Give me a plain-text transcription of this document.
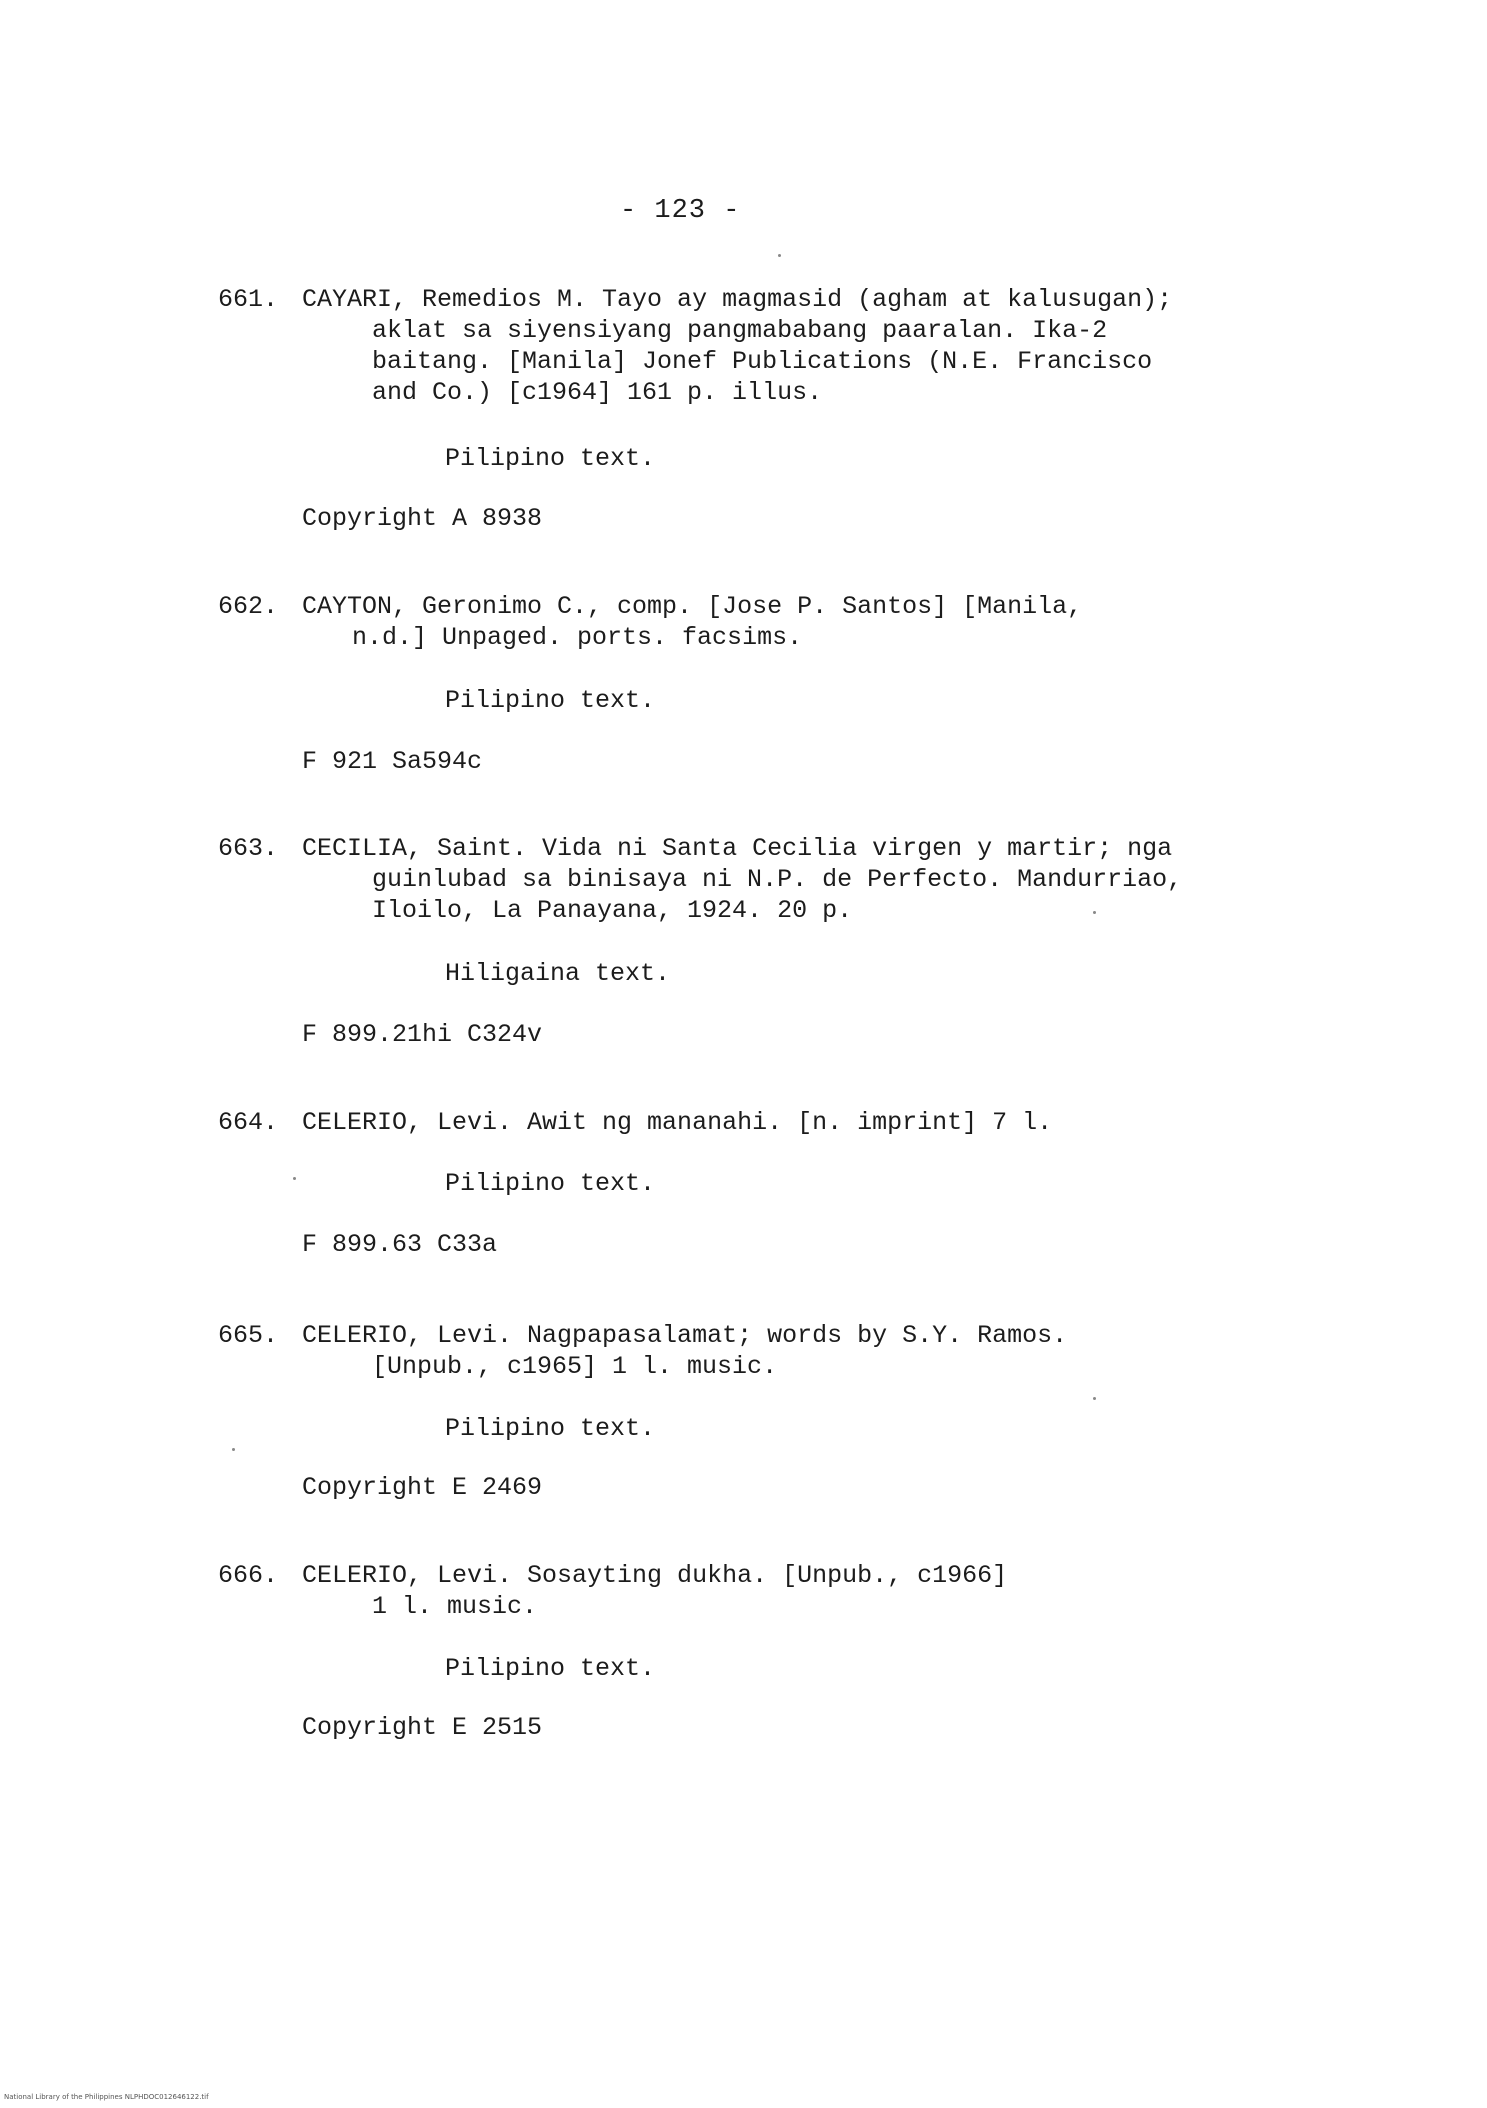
- 123 -
661. CAYARI, Remedios M. Tayo ay magmasid (agham at kalusugan);
aklat sa siyensiyang pangmababang paaralan. Ika-2
baitang. [Manila] Jonef Publications (N.E. Francisco
and Co.) [c1964] 161 p. illus.
Pilipino text.
Copyright A 8938
662. CAYTON, Geronimo C., comp. [Jose P. Santos] [Manila,
n.d.] Unpaged. ports. facsims.
Pilipino text.
F 921 Sa594c
663. CECILIA, Saint. Vida ni Santa Cecilia virgen y martir; nga
guinlubad sa binisaya ni N.P. de Perfecto. Mandurriao,
Iloilo, La Panayana, 1924. 20 p.
Hiligaina text.
F 899.21hi C324v
664. CELERIO, Levi. Awit ng mananahi. [n. imprint] 7 l.
Pilipino text.
F 899.63 C33a
665. CELERIO, Levi. Nagpapasalamat; words by S.Y. Ramos.
[Unpub., c1965] 1 l. music.
Pilipino text.
Copyright E 2469
666. CELERIO, Levi. Sosayting dukha. [Unpub., c1966]
1 l. music.
Pilipino text.
Copyright E 2515
National Library of the Philippines NLPHDOC012646122.tif
